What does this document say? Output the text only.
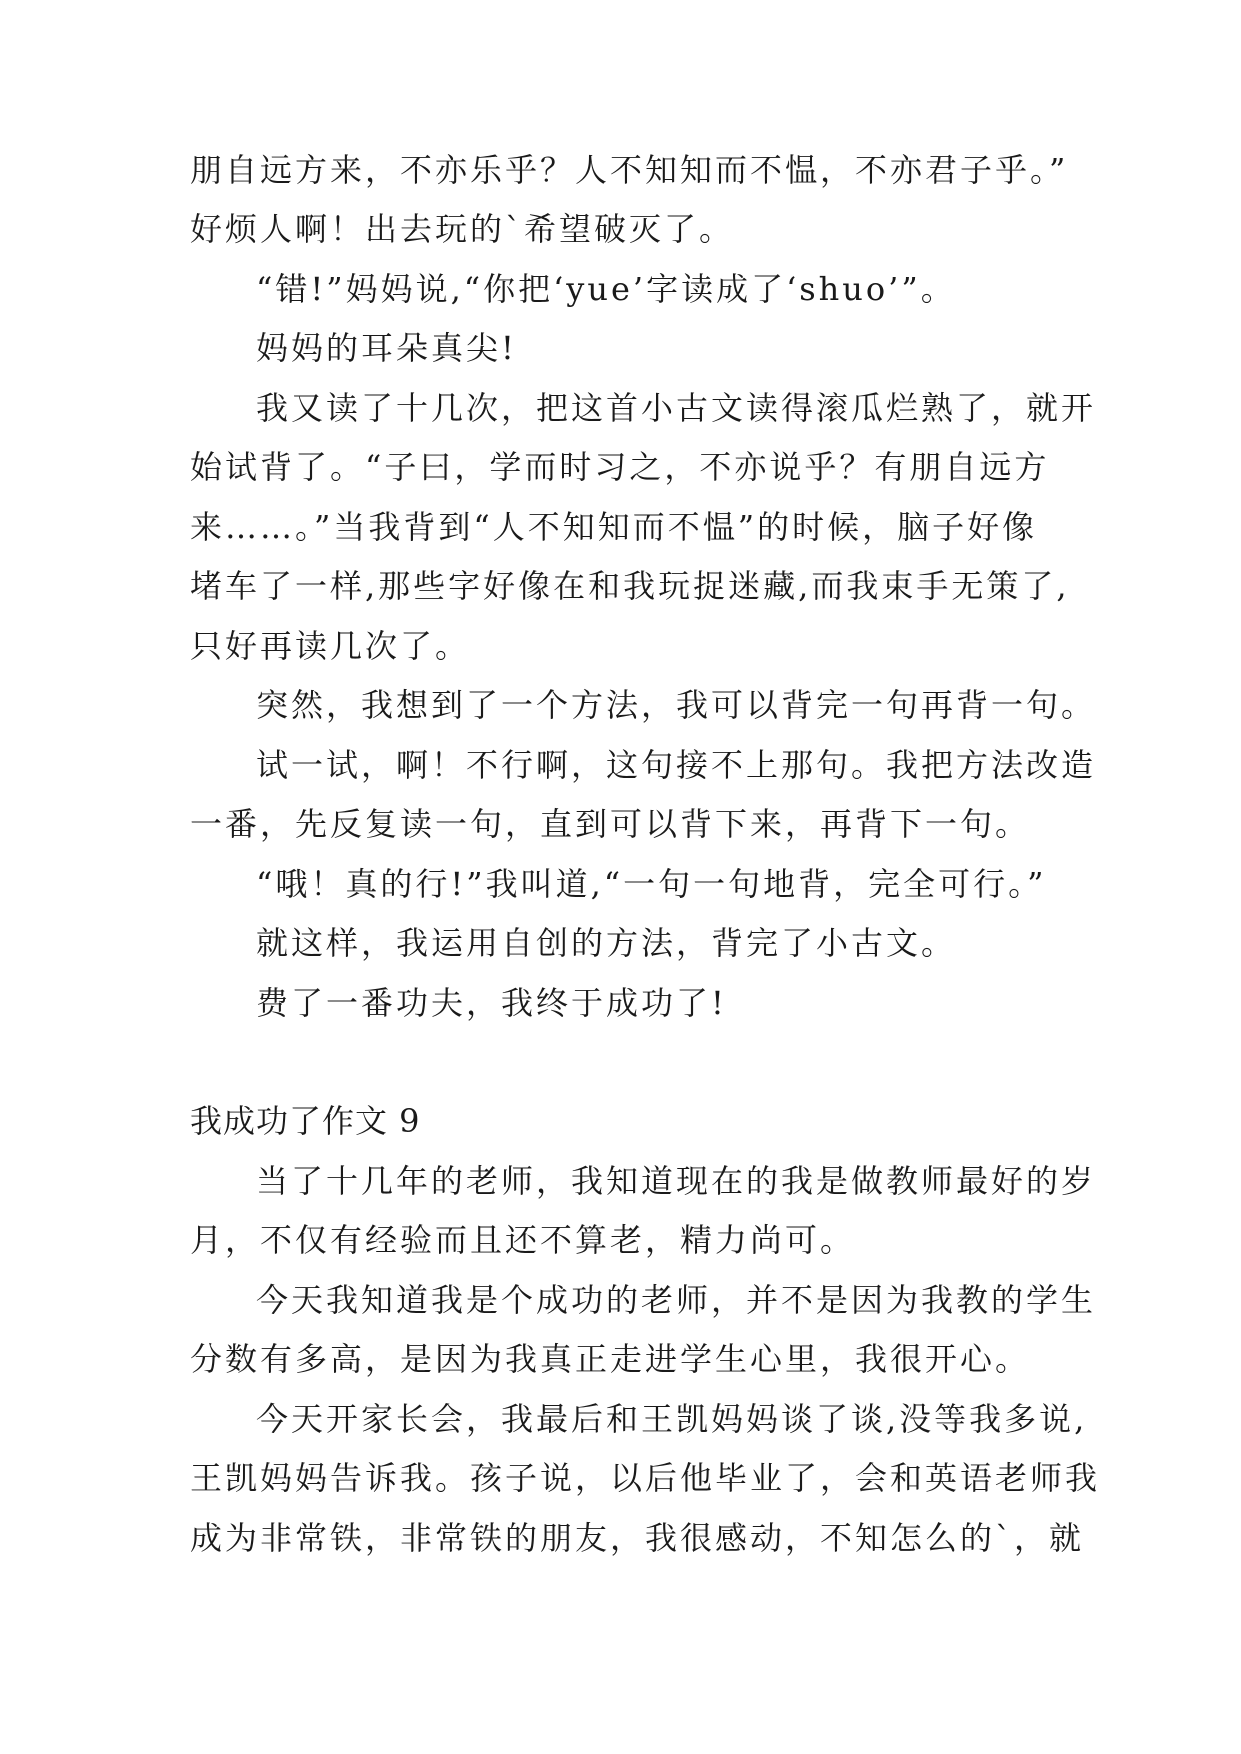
朋自远方来，不亦乐乎？人不知知而不愠，不亦君子乎。”
好烦人啊！出去玩的`希望破灭了。
“错!”妈妈说,“你把‘yue’字读成了‘shuo’”。
妈妈的耳朵真尖!
我又读了十几次，把这首小古文读得滚瓜烂熟了，就开
始试背了。“子曰，学而时习之，不亦说乎？有朋自远方
来……。”当我背到“人不知知而不愠”的时候，脑子好像
堵车了一样,那些字好像在和我玩捉迷藏,而我束手无策了,
只好再读几次了。
突然，我想到了一个方法，我可以背完一句再背一句。
试一试，啊！不行啊，这句接不上那句。我把方法改造
一番，先反复读一句，直到可以背下来，再背下一句。
“哦！真的行!”我叫道,“一句一句地背，完全可行。”
就这样，我运用自创的方法，背完了小古文。
费了一番功夫，我终于成功了!
我成功了作文 9
当了十几年的老师，我知道现在的我是做教师最好的岁
月，不仅有经验而且还不算老，精力尚可。
今天我知道我是个成功的老师，并不是因为我教的学生
分数有多高，是因为我真正走进学生心里，我很开心。
今天开家长会，我最后和王凯妈妈谈了谈,没等我多说,
王凯妈妈告诉我。孩子说，以后他毕业了，会和英语老师我
成为非常铁，非常铁的朋友，我很感动，不知怎么的`，就
